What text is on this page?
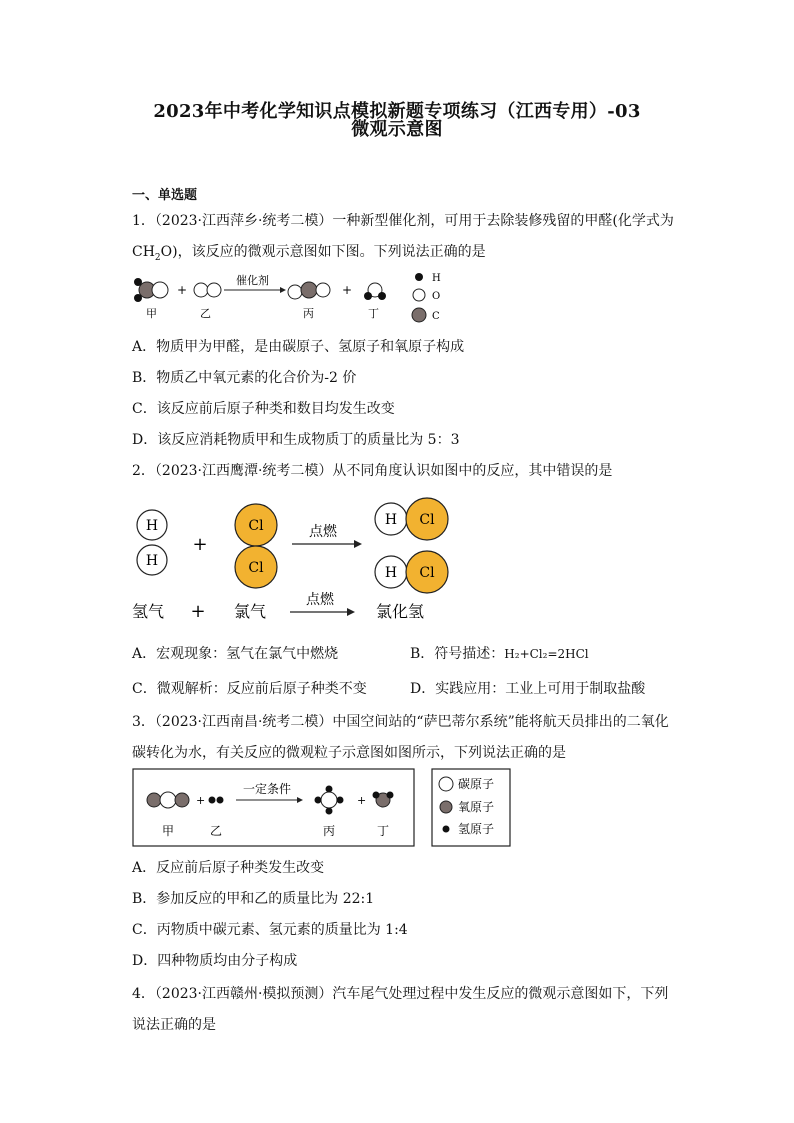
2023年中考化学知识点模拟新题专项练习（江西专用）-03
微观示意图
一、单选题
1．（2023·江西萍乡·统考二模）一种新型催化剂，可用于去除装修残留的甲醛(化学式为
$CH_2O$)，该反应的微观示意图如下图。下列说法正确的是
+
催化剂
+
甲	乙	丙	丁
H
O
C
A．物质甲为甲醛，是由碳原子、氢原子和氧原子构成
B．物质乙中氧元素的化合价为-2 价
C．该反应前后原子种类和数目均发生改变
D．该反应消耗物质甲和生成物质丁的质量比为 5：3
2．（2023·江西鹰潭·统考二模）从不同角度认识如图中的反应，其中错误的是
H
H
+
Cl
Cl
点燃
H Cl
H Cl
氢气 + 氯气
点燃
氯化氢
A．宏观现象：氢气在氯气中燃烧	B．符号描述：H₂+Cl₂=2HCl
C．微观解析：反应前后原子种类不变	D．实践应用：工业上可用于制取盐酸
3．（2023·江西南昌·统考二模）中国空间站的“萨巴蒂尔系统”能将航天员排出的二氧化
碳转化为水，有关反应的微观粒子示意图如图所示，下列说法正确的是
+
一定条件
+
甲	乙	丙	丁
碳原子
氧原子
氢原子
A．反应前后原子种类发生改变
B．参加反应的甲和乙的质量比为 22:1
C．丙物质中碳元素、氢元素的质量比为 1:4
D．四种物质均由分子构成
4．（2023·江西赣州·模拟预测）汽车尾气处理过程中发生反应的微观示意图如下，下列
说法正确的是
